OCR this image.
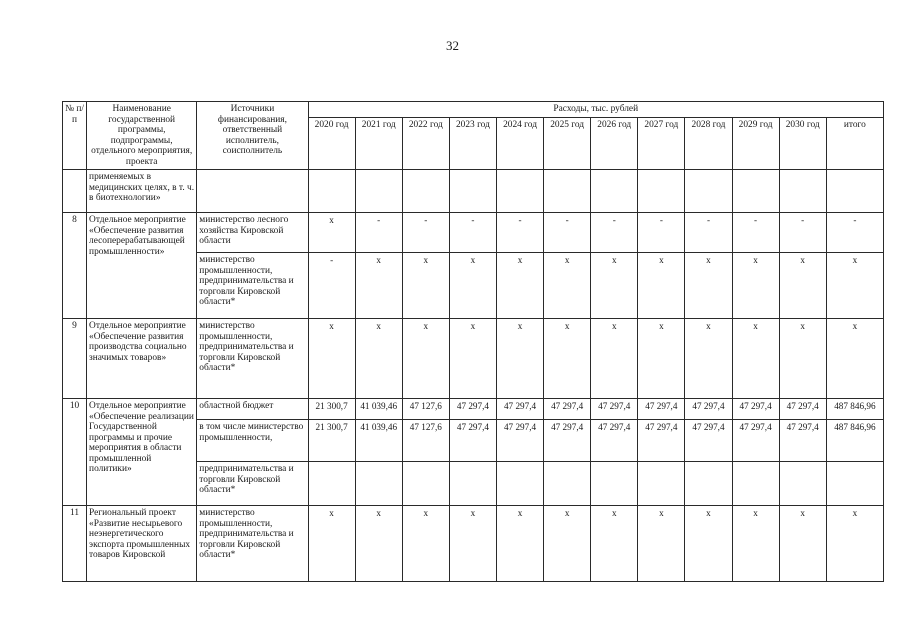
32
№ п/п	Наименование государственной программы, подпрограммы, отдельного мероприятия, проекта	Источники финансирования, ответственный исполнитель, соисполнитель	Расходы, тыс. рублей											
			2020 год	2021 год	2022 год	2023 год	2024 год	2025 год	2026 год	2027 год	2028 год	2029 год	2030 год	итого
	применяемых в медицинских целях, в т. ч. в биотехнологии»													
8	Отдельное мероприятие «Обеспечение развития лесоперерабатывающей промышленности»	министерство лесного хозяйства Кировской области	х	-	-	-	-	-	-	-	-	-	-	-
		министерство промышленности, предпринимательства и торговли Кировской области*	-	х	х	х	х	х	х	х	х	х	х	х
9	Отдельное мероприятие «Обеспечение развития производства социально значимых товаров»	министерство промышленности, предпринимательства и торговли Кировской области*	х	х	х	х	х	х	х	х	х	х	х	х
10	Отдельное мероприятие «Обеспечение реализации Государственной программы и прочие мероприятия в области промышленной политики»	областной бюджет	21 300,7	41 039,46	47 127,6	47 297,4	47 297,4	47 297,4	47 297,4	47 297,4	47 297,4	47 297,4	47 297,4	487 846,96
		в том числе министерство промышленности,	21 300,7	41 039,46	47 127,6	47 297,4	47 297,4	47 297,4	47 297,4	47 297,4	47 297,4	47 297,4	47 297,4	487 846,96
		предпринимательства и торговли Кировской области*												
11	Региональный проект «Развитие несырьевого неэнергетического экспорта промышленных товаров Кировской	министерство промышленности, предпринимательства и торговли Кировской области*	х	х	х	х	х	х	х	х	х	х	х	х
